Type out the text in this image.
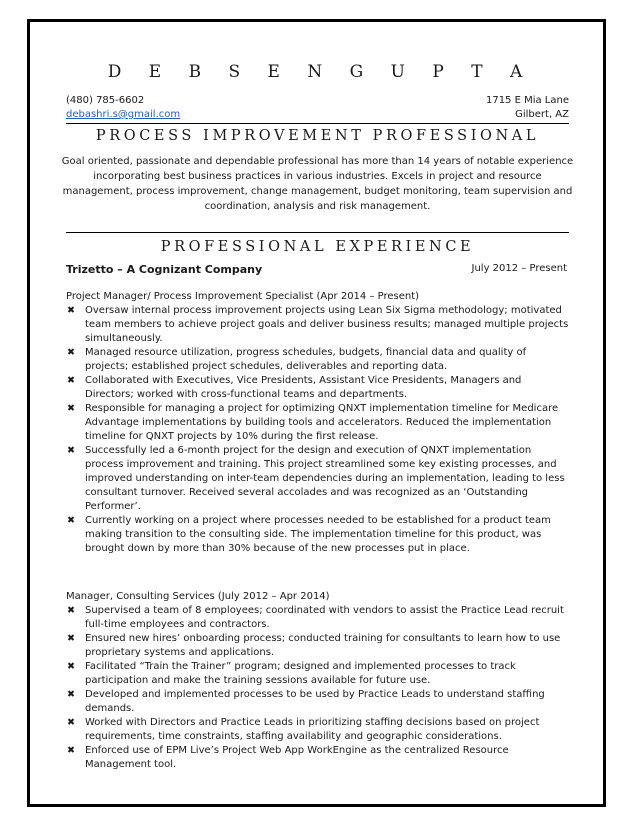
D E B S E N G U P T A
(480) 785-6602
debashri.s@gmail.com
1715 E Mia Lane
Gilbert, AZ
PROCESS IMPROVEMENT PROFESSIONAL
Goal oriented, passionate and dependable professional has more than 14 years of notable experience incorporating best business practices in various industries. Excels in project and resource management, process improvement, change management, budget monitoring, team supervision and coordination, analysis and risk management.
PROFESSIONAL EXPERIENCE
Trizetto – A Cognizant Company	July 2012 – Present
Project Manager/ Process Improvement Specialist (Apr 2014 – Present)
✖ Oversaw internal process improvement projects using Lean Six Sigma methodology; motivated team members to achieve project goals and deliver business results; managed multiple projects simultaneously.
✖ Managed resource utilization, progress schedules, budgets, financial data and quality of projects; established project schedules, deliverables and reporting data.
✖ Collaborated with Executives, Vice Presidents, Assistant Vice Presidents, Managers and Directors; worked with cross-functional teams and departments.
✖ Responsible for managing a project for optimizing QNXT implementation timeline for Medicare Advantage implementations by building tools and accelerators. Reduced the implementation timeline for QNXT projects by 10% during the first release.
✖ Successfully led a 6-month project for the design and execution of QNXT implementation process improvement and training. This project streamlined some key existing processes, and improved understanding on inter-team dependencies during an implementation, leading to less consultant turnover. Received several accolades and was recognized as an ‘Outstanding Performer’.
✖ Currently working on a project where processes needed to be established for a product team making transition to the consulting side. The implementation timeline for this product, was brought down by more than 30% because of the new processes put in place.
Manager, Consulting Services (July 2012 – Apr 2014)
✖ Supervised a team of 8 employees; coordinated with vendors to assist the Practice Lead recruit full-time employees and contractors.
✖ Ensured new hires’ onboarding process; conducted training for consultants to learn how to use proprietary systems and applications.
✖ Facilitated “Train the Trainer” program; designed and implemented processes to track participation and make the training sessions available for future use.
✖ Developed and implemented processes to be used by Practice Leads to understand staffing demands.
✖ Worked with Directors and Practice Leads in prioritizing staffing decisions based on project requirements, time constraints, staffing availability and geographic considerations.
✖ Enforced use of EPM Live’s Project Web App WorkEngine as the centralized Resource Management tool.
